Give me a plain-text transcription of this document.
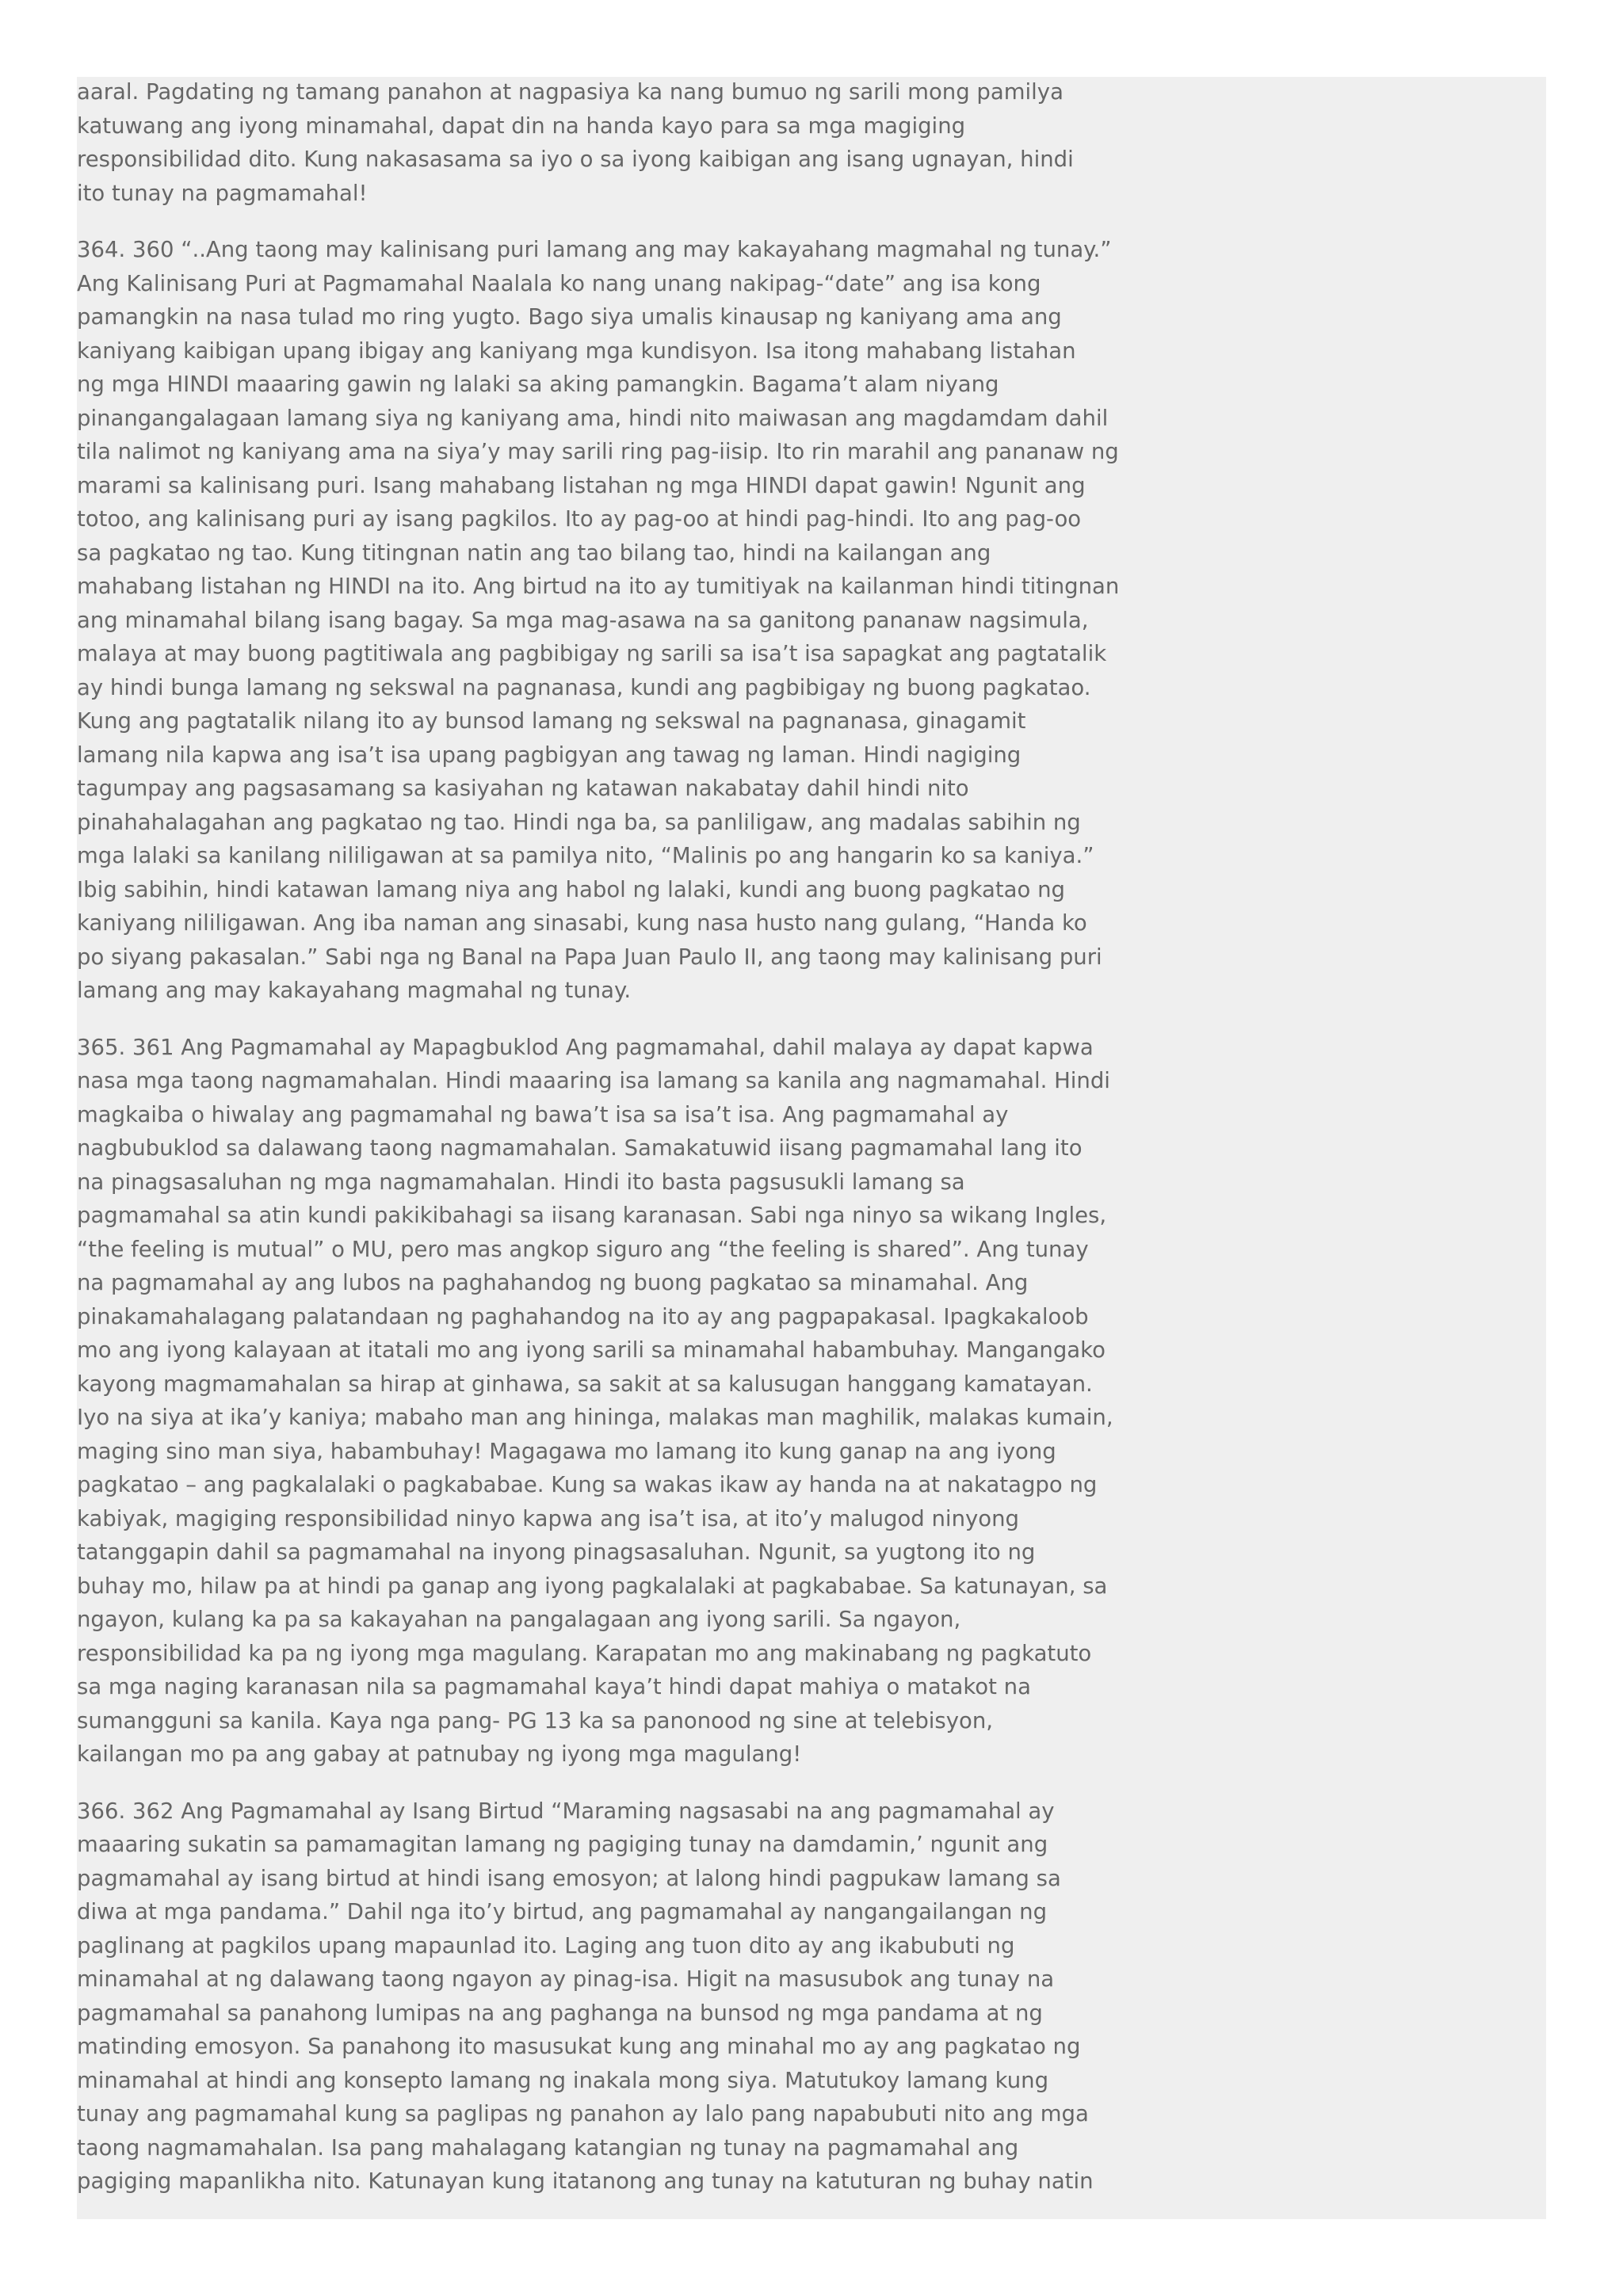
aaral. Pagdating ng tamang panahon at nagpasiya ka nang bumuo ng sarili mong pamilya
katuwang ang iyong minamahal, dapat din na handa kayo para sa mga magiging
responsibilidad dito. Kung nakasasama sa iyo o sa iyong kaibigan ang isang ugnayan, hindi
ito tunay na pagmamahal!
364. 360 “..Ang taong may kalinisang puri lamang ang may kakayahang magmahal ng tunay.”
Ang Kalinisang Puri at Pagmamahal Naalala ko nang unang nakipag-“date” ang isa kong
pamangkin na nasa tulad mo ring yugto. Bago siya umalis kinausap ng kaniyang ama ang
kaniyang kaibigan upang ibigay ang kaniyang mga kundisyon. Isa itong mahabang listahan
ng mga HINDI maaaring gawin ng lalaki sa aking pamangkin. Bagama’t alam niyang
pinangangalagaan lamang siya ng kaniyang ama, hindi nito maiwasan ang magdamdam dahil
tila nalimot ng kaniyang ama na siya’y may sarili ring pag-iisip. Ito rin marahil ang pananaw ng
marami sa kalinisang puri. Isang mahabang listahan ng mga HINDI dapat gawin! Ngunit ang
totoo, ang kalinisang puri ay isang pagkilos. Ito ay pag-oo at hindi pag-hindi. Ito ang pag-oo
sa pagkatao ng tao. Kung titingnan natin ang tao bilang tao, hindi na kailangan ang
mahabang listahan ng HINDI na ito. Ang birtud na ito ay tumitiyak na kailanman hindi titingnan
ang minamahal bilang isang bagay. Sa mga mag-asawa na sa ganitong pananaw nagsimula,
malaya at may buong pagtitiwala ang pagbibigay ng sarili sa isa’t isa sapagkat ang pagtatalik
ay hindi bunga lamang ng sekswal na pagnanasa, kundi ang pagbibigay ng buong pagkatao.
Kung ang pagtatalik nilang ito ay bunsod lamang ng sekswal na pagnanasa, ginagamit
lamang nila kapwa ang isa’t isa upang pagbigyan ang tawag ng laman. Hindi nagiging
tagumpay ang pagsasamang sa kasiyahan ng katawan nakabatay dahil hindi nito
pinahahalagahan ang pagkatao ng tao. Hindi nga ba, sa panliligaw, ang madalas sabihin ng
mga lalaki sa kanilang nililigawan at sa pamilya nito, “Malinis po ang hangarin ko sa kaniya.”
Ibig sabihin, hindi katawan lamang niya ang habol ng lalaki, kundi ang buong pagkatao ng
kaniyang nililigawan. Ang iba naman ang sinasabi, kung nasa husto nang gulang, “Handa ko
po siyang pakasalan.” Sabi nga ng Banal na Papa Juan Paulo II, ang taong may kalinisang puri
lamang ang may kakayahang magmahal ng tunay.
365. 361 Ang Pagmamahal ay Mapagbuklod Ang pagmamahal, dahil malaya ay dapat kapwa
nasa mga taong nagmamahalan. Hindi maaaring isa lamang sa kanila ang nagmamahal. Hindi
magkaiba o hiwalay ang pagmamahal ng bawa’t isa sa isa’t isa. Ang pagmamahal ay
nagbubuklod sa dalawang taong nagmamahalan. Samakatuwid iisang pagmamahal lang ito
na pinagsasaluhan ng mga nagmamahalan. Hindi ito basta pagsusukli lamang sa
pagmamahal sa atin kundi pakikibahagi sa iisang karanasan. Sabi nga ninyo sa wikang Ingles,
“the feeling is mutual” o MU, pero mas angkop siguro ang “the feeling is shared”. Ang tunay
na pagmamahal ay ang lubos na paghahandog ng buong pagkatao sa minamahal. Ang
pinakamahalagang palatandaan ng paghahandog na ito ay ang pagpapakasal. Ipagkakaloob
mo ang iyong kalayaan at itatali mo ang iyong sarili sa minamahal habambuhay. Mangangako
kayong magmamahalan sa hirap at ginhawa, sa sakit at sa kalusugan hanggang kamatayan.
Iyo na siya at ika’y kaniya; mabaho man ang hininga, malakas man maghilik, malakas kumain,
maging sino man siya, habambuhay! Magagawa mo lamang ito kung ganap na ang iyong
pagkatao – ang pagkalalaki o pagkababae. Kung sa wakas ikaw ay handa na at nakatagpo ng
kabiyak, magiging responsibilidad ninyo kapwa ang isa’t isa, at ito’y malugod ninyong
tatanggapin dahil sa pagmamahal na inyong pinagsasaluhan. Ngunit, sa yugtong ito ng
buhay mo, hilaw pa at hindi pa ganap ang iyong pagkalalaki at pagkababae. Sa katunayan, sa
ngayon, kulang ka pa sa kakayahan na pangalagaan ang iyong sarili. Sa ngayon,
responsibilidad ka pa ng iyong mga magulang. Karapatan mo ang makinabang ng pagkatuto
sa mga naging karanasan nila sa pagmamahal kaya’t hindi dapat mahiya o matakot na
sumangguni sa kanila. Kaya nga pang- PG 13 ka sa panonood ng sine at telebisyon,
kailangan mo pa ang gabay at patnubay ng iyong mga magulang!
366. 362 Ang Pagmamahal ay Isang Birtud “Maraming nagsasabi na ang pagmamahal ay
maaaring sukatin sa pamamagitan lamang ng pagiging tunay na damdamin,’ ngunit ang
pagmamahal ay isang birtud at hindi isang emosyon; at lalong hindi pagpukaw lamang sa
diwa at mga pandama.” Dahil nga ito’y birtud, ang pagmamahal ay nangangailangan ng
paglinang at pagkilos upang mapaunlad ito. Laging ang tuon dito ay ang ikabubuti ng
minamahal at ng dalawang taong ngayon ay pinag-isa. Higit na masusubok ang tunay na
pagmamahal sa panahong lumipas na ang paghanga na bunsod ng mga pandama at ng
matinding emosyon. Sa panahong ito masusukat kung ang minahal mo ay ang pagkatao ng
minamahal at hindi ang konsepto lamang ng inakala mong siya. Matutukoy lamang kung
tunay ang pagmamahal kung sa paglipas ng panahon ay lalo pang napabubuti nito ang mga
taong nagmamahalan. Isa pang mahalagang katangian ng tunay na pagmamahal ang
pagiging mapanlikha nito. Katunayan kung itatanong ang tunay na katuturan ng buhay natin
